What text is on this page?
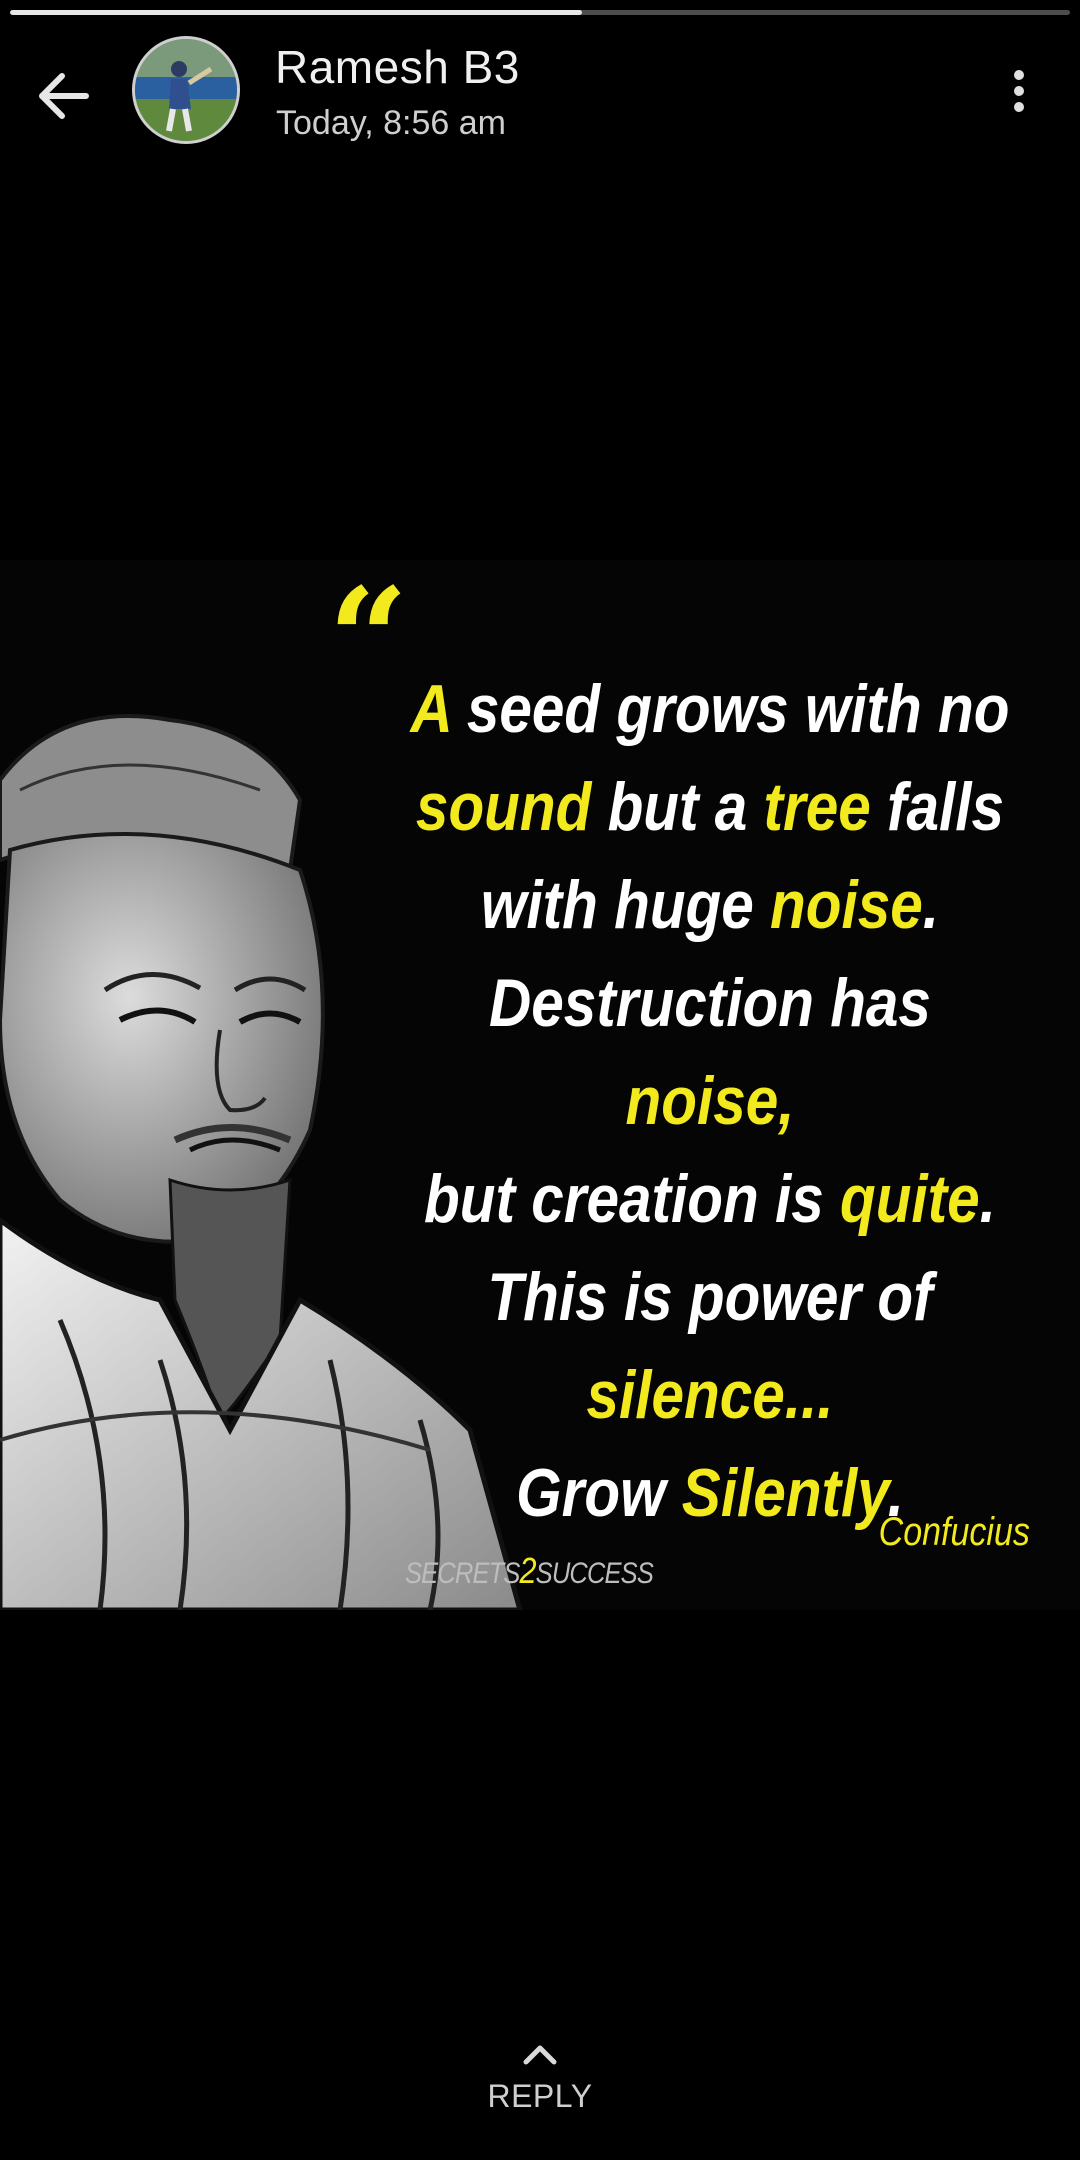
Ramesh B3
Today, 8:56 am
“ A seed grows with no
sound but a tree falls
with huge noise.
Destruction has noise,
but creation is quite.
This is power of
silence...
Grow Silently.
SECRETS2SUCCESS
Confucius
REPLY
